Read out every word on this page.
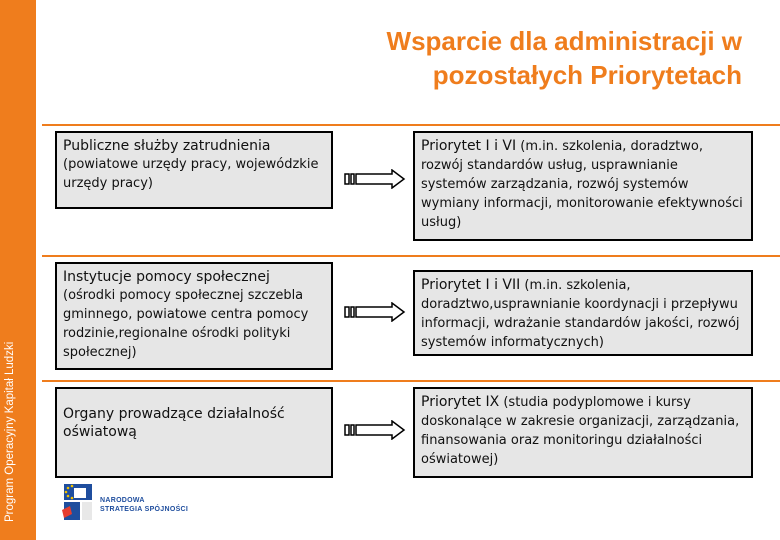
Program Operacyjny Kapitał Ludzki
Wsparcie dla administracji w
pozostałych Priorytetach
Publiczne służby zatrudnienia
(powiatowe urzędy pracy, wojewódzkie urzędy pracy)
Priorytet I i VI (m.in. szkolenia, doradztwo, rozwój standardów usług, usprawnianie systemów zarządzania, rozwój systemów wymiany informacji, monitorowanie efektywności usług)
Instytucje pomocy społecznej
(ośrodki pomocy społecznej szczebla gminnego, powiatowe centra pomocy rodzinie,regionalne ośrodki polityki społecznej)
Priorytet I i VII (m.in. szkolenia, doradztwo,usprawnianie koordynacji i przepływu informacji, wdrażanie standardów jakości, rozwój systemów informatycznych)
Organy prowadzące działalność oświatową
Priorytet IX (studia podyplomowe i kursy doskonalące w zakresie organizacji, zarządzania, finansowania oraz monitoringu działalności oświatowej)
NARODOWA
STRATEGIA SPÓJNOŚCI
